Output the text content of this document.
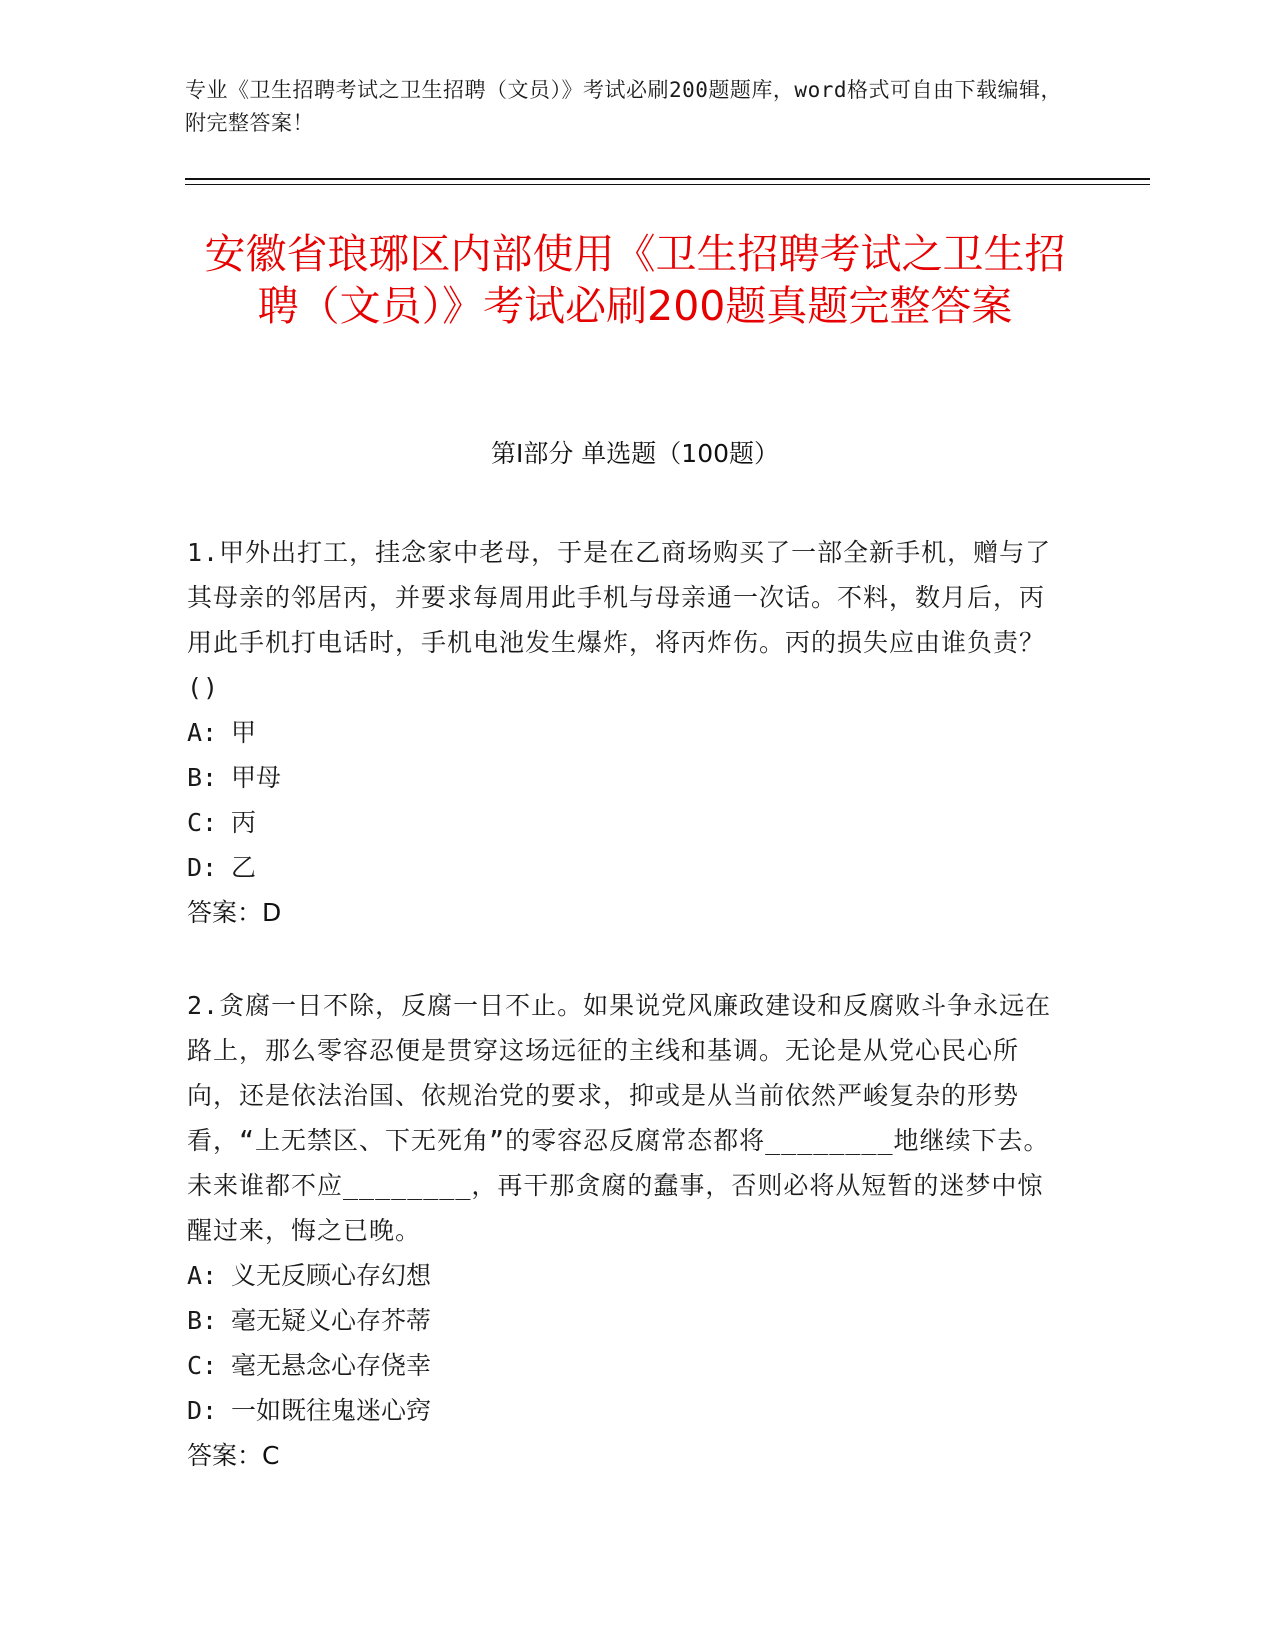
专业《卫生招聘考试之卫生招聘（文员）》考试必刷200题题库，word格式可自由下载编辑，附完整答案！
安徽省琅琊区内部使用《卫生招聘考试之卫生招聘（文员）》考试必刷200题真题完整答案
第Ⅰ部分 单选题（100题）

1.甲外出打工，挂念家中老母，于是在乙商场购买了一部全新手机，赠与了其母亲的邻居丙，并要求每周用此手机与母亲通一次话。不料，数月后，丙用此手机打电话时，手机电池发生爆炸，将丙炸伤。丙的损失应由谁负责？()

A: 甲

B: 甲母

C: 丙

D: 乙

答案：D

2.贪腐一日不除，反腐一日不止。如果说党风廉政建设和反腐败斗争永远在路上，那么零容忍便是贯穿这场远征的主线和基调。无论是从党心民心所向，还是依法治国、依规治党的要求，抑或是从当前依然严峻复杂的形势看，“上无禁区、下无死角”的零容忍反腐常态都将________地继续下去。未来谁都不应________，再干那贪腐的蠢事，否则必将从短暂的迷梦中惊醒过来，悔之已晚。

A: 义无反顾心存幻想

B: 毫无疑义心存芥蒂

C: 毫无悬念心存侥幸

D: 一如既往鬼迷心窍

答案：C
